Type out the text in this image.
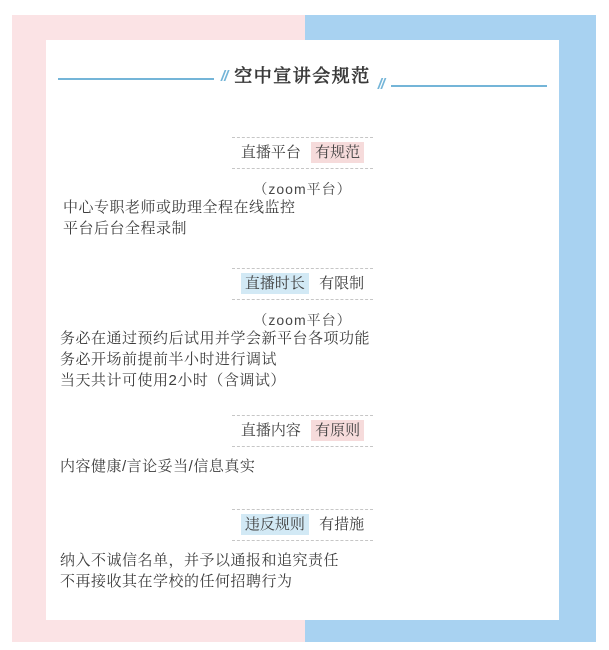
// 空中宣讲会规范 //
直播平台 有规范
（zoom平台）
中心专职老师或助理全程在线监控
平台后台全程录制
直播时长 有限制
（zoom平台）
务必在通过预约后试用并学会新平台各项功能
务必开场前提前半小时进行调试
当天共计可使用2小时（含调试）
直播内容 有原则
内容健康/言论妥当/信息真实
违反规则 有措施
纳入不诚信名单，并予以通报和追究责任
不再接收其在学校的任何招聘行为
